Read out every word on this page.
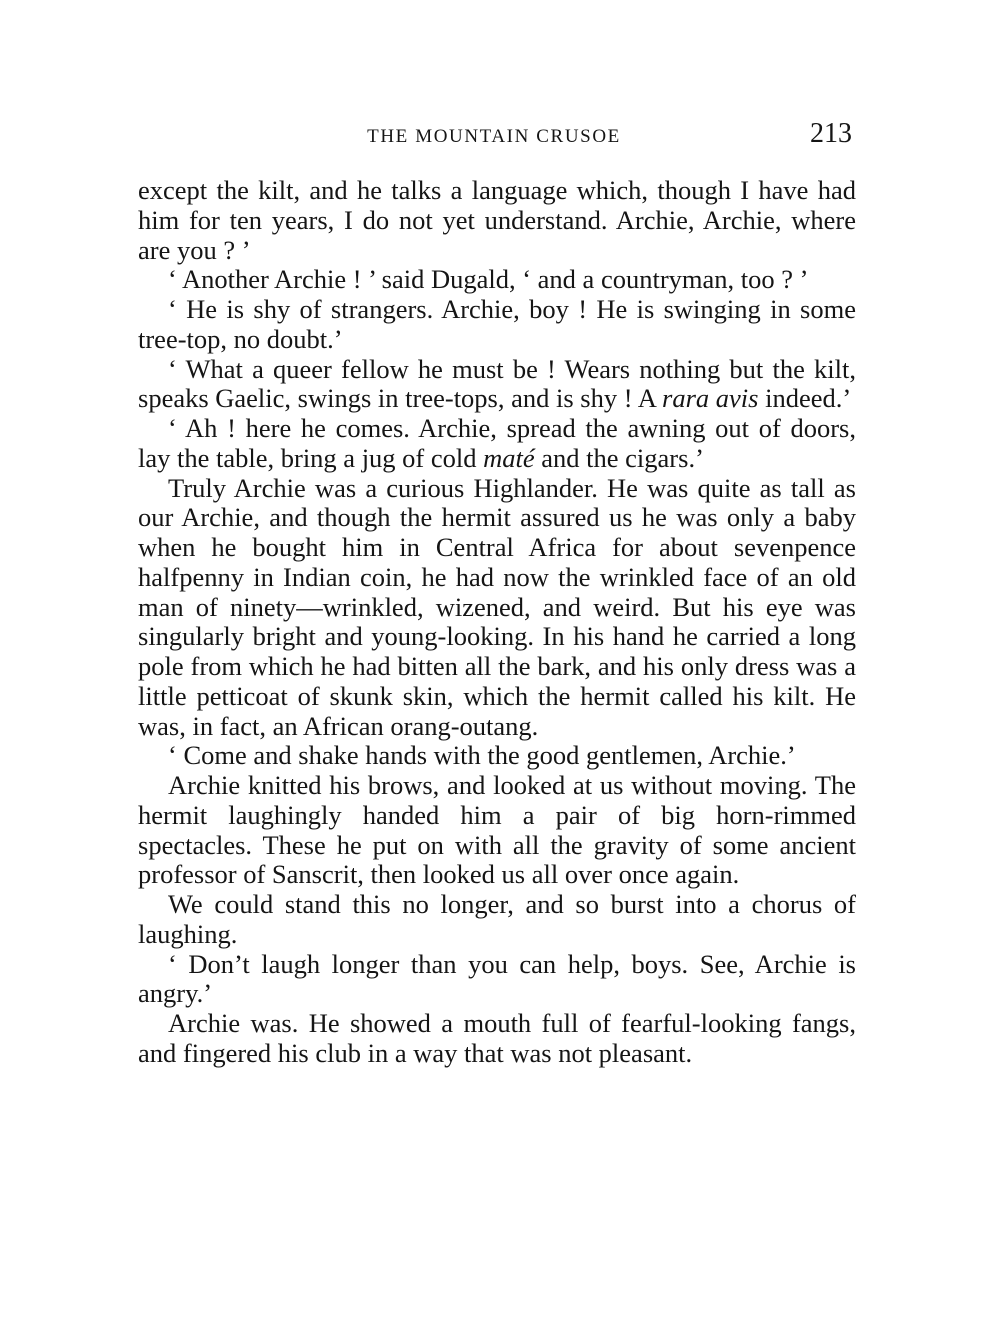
THE MOUNTAIN CRUSOE	213

except the kilt, and he talks a language which, though I have had him for ten years, I do not yet understand. Archie, Archie, where are you ? ’

‘ Another Archie ! ’ said Dugald, ‘ and a countryman, too ? ’

‘ He is shy of strangers. Archie, boy ! He is swinging in some tree-top, no doubt.’

‘ What a queer fellow he must be ! Wears nothing but the kilt, speaks Gaelic, swings in tree-tops, and is shy ! A rara avis indeed.’

‘ Ah ! here he comes. Archie, spread the awning out of doors, lay the table, bring a jug of cold maté and the cigars.’

Truly Archie was a curious Highlander. He was quite as tall as our Archie, and though the hermit assured us he was only a baby when he bought him in Central Africa for about sevenpence halfpenny in Indian coin, he had now the wrinkled face of an old man of ninety—wrinkled, wizened, and weird. But his eye was singularly bright and young-looking. In his hand he carried a long pole from which he had bitten all the bark, and his only dress was a little petticoat of skunk skin, which the hermit called his kilt. He was, in fact, an African orang-outang.

‘ Come and shake hands with the good gentlemen, Archie.’

Archie knitted his brows, and looked at us without moving. The hermit laughingly handed him a pair of big horn-rimmed spectacles. These he put on with all the gravity of some ancient professor of Sanscrit, then looked us all over once again.

We could stand this no longer, and so burst into a chorus of laughing.

‘ Don’t laugh longer than you can help, boys. See, Archie is angry.’

Archie was. He showed a mouth full of fearful-looking fangs, and fingered his club in a way that was not pleasant.
